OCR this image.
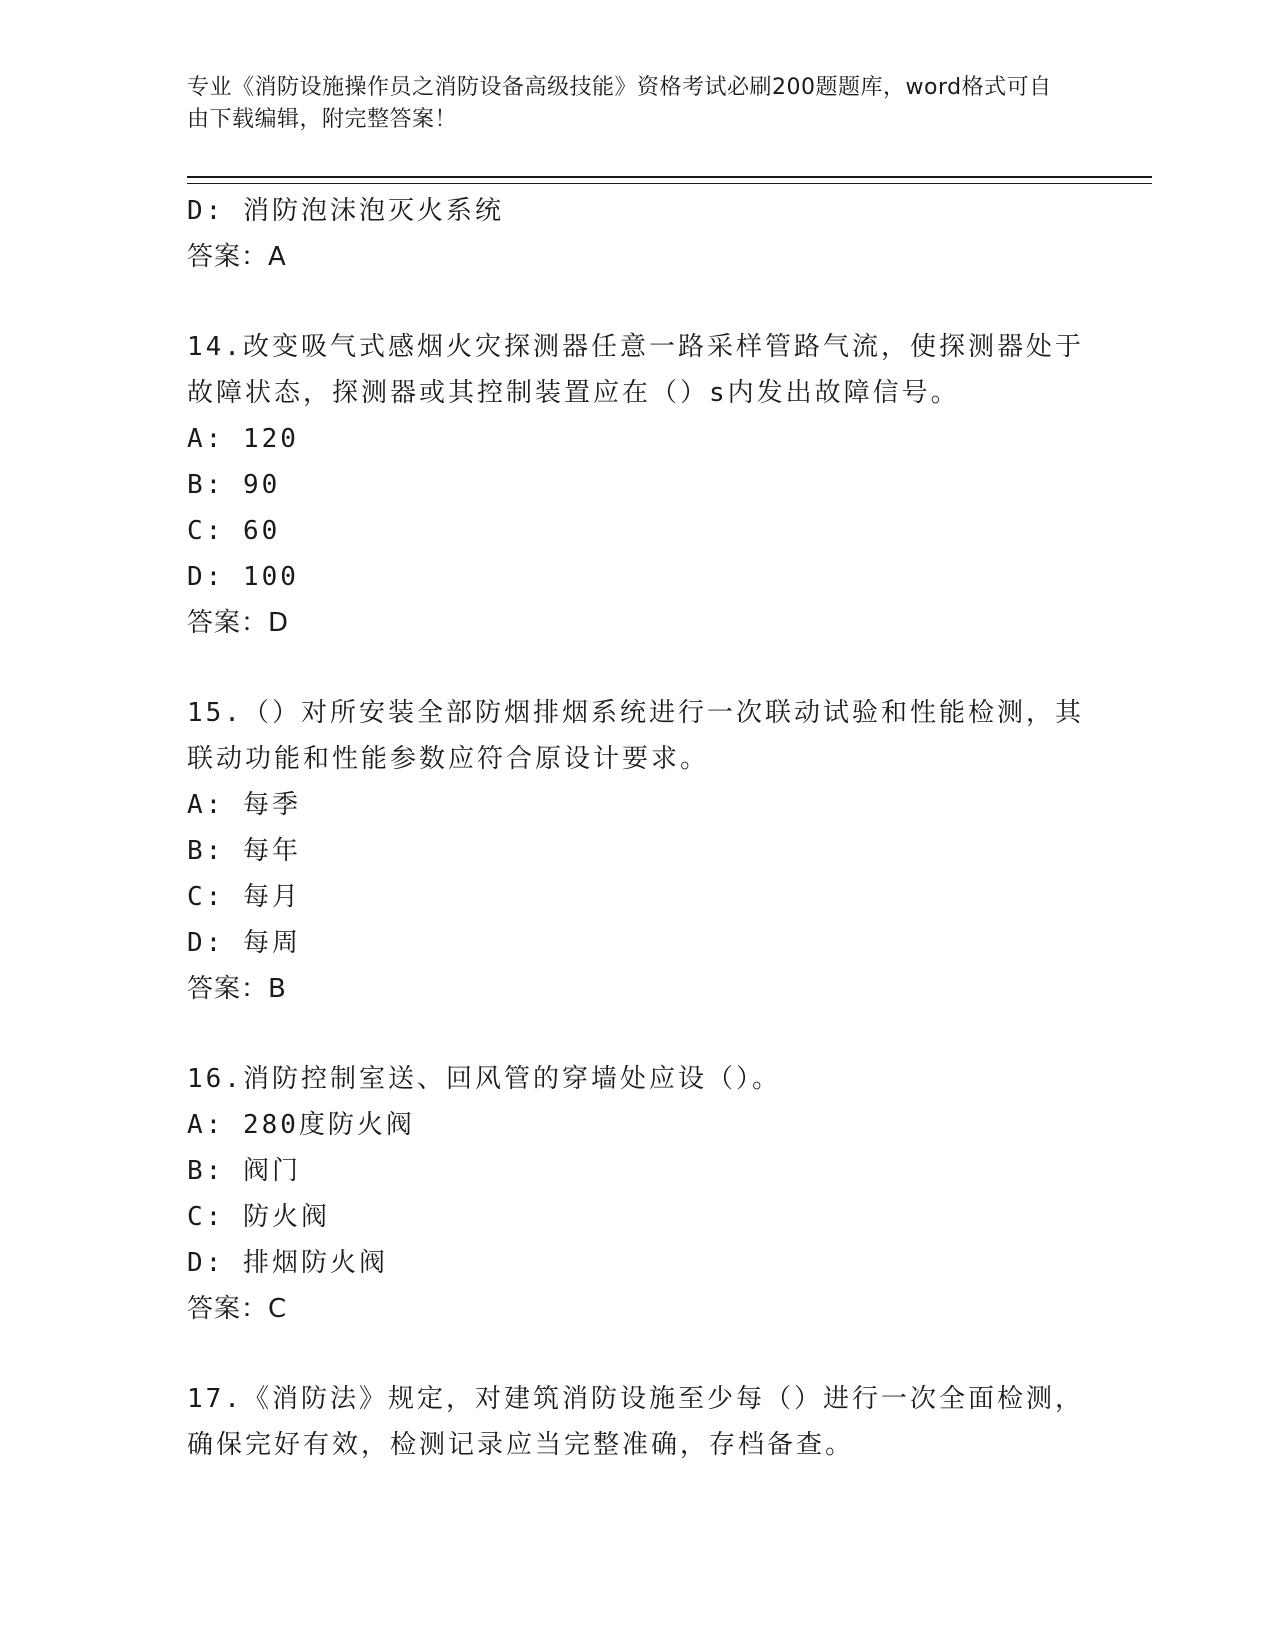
专业《消防设施操作员之消防设备高级技能》资格考试必刷200题题库，word格式可自由下载编辑，附完整答案！
D: 消防泡沫泡灭火系统
答案：A
14.改变吸气式感烟火灾探测器任意一路采样管路气流，使探测器处于故障状态，探测器或其控制装置应在（）s内发出故障信号。
A: 120
B: 90
C: 60
D: 100
答案：D
15.（）对所安装全部防烟排烟系统进行一次联动试验和性能检测，其联动功能和性能参数应符合原设计要求。
A: 每季
B: 每年
C: 每月
D: 每周
答案：B
16.消防控制室送、回风管的穿墙处应设（）。
A: 280度防火阀
B: 阀门
C: 防火阀
D: 排烟防火阀
答案：C
17.《消防法》规定，对建筑消防设施至少每（）进行一次全面检测，确保完好有效，检测记录应当完整准确，存档备查。
